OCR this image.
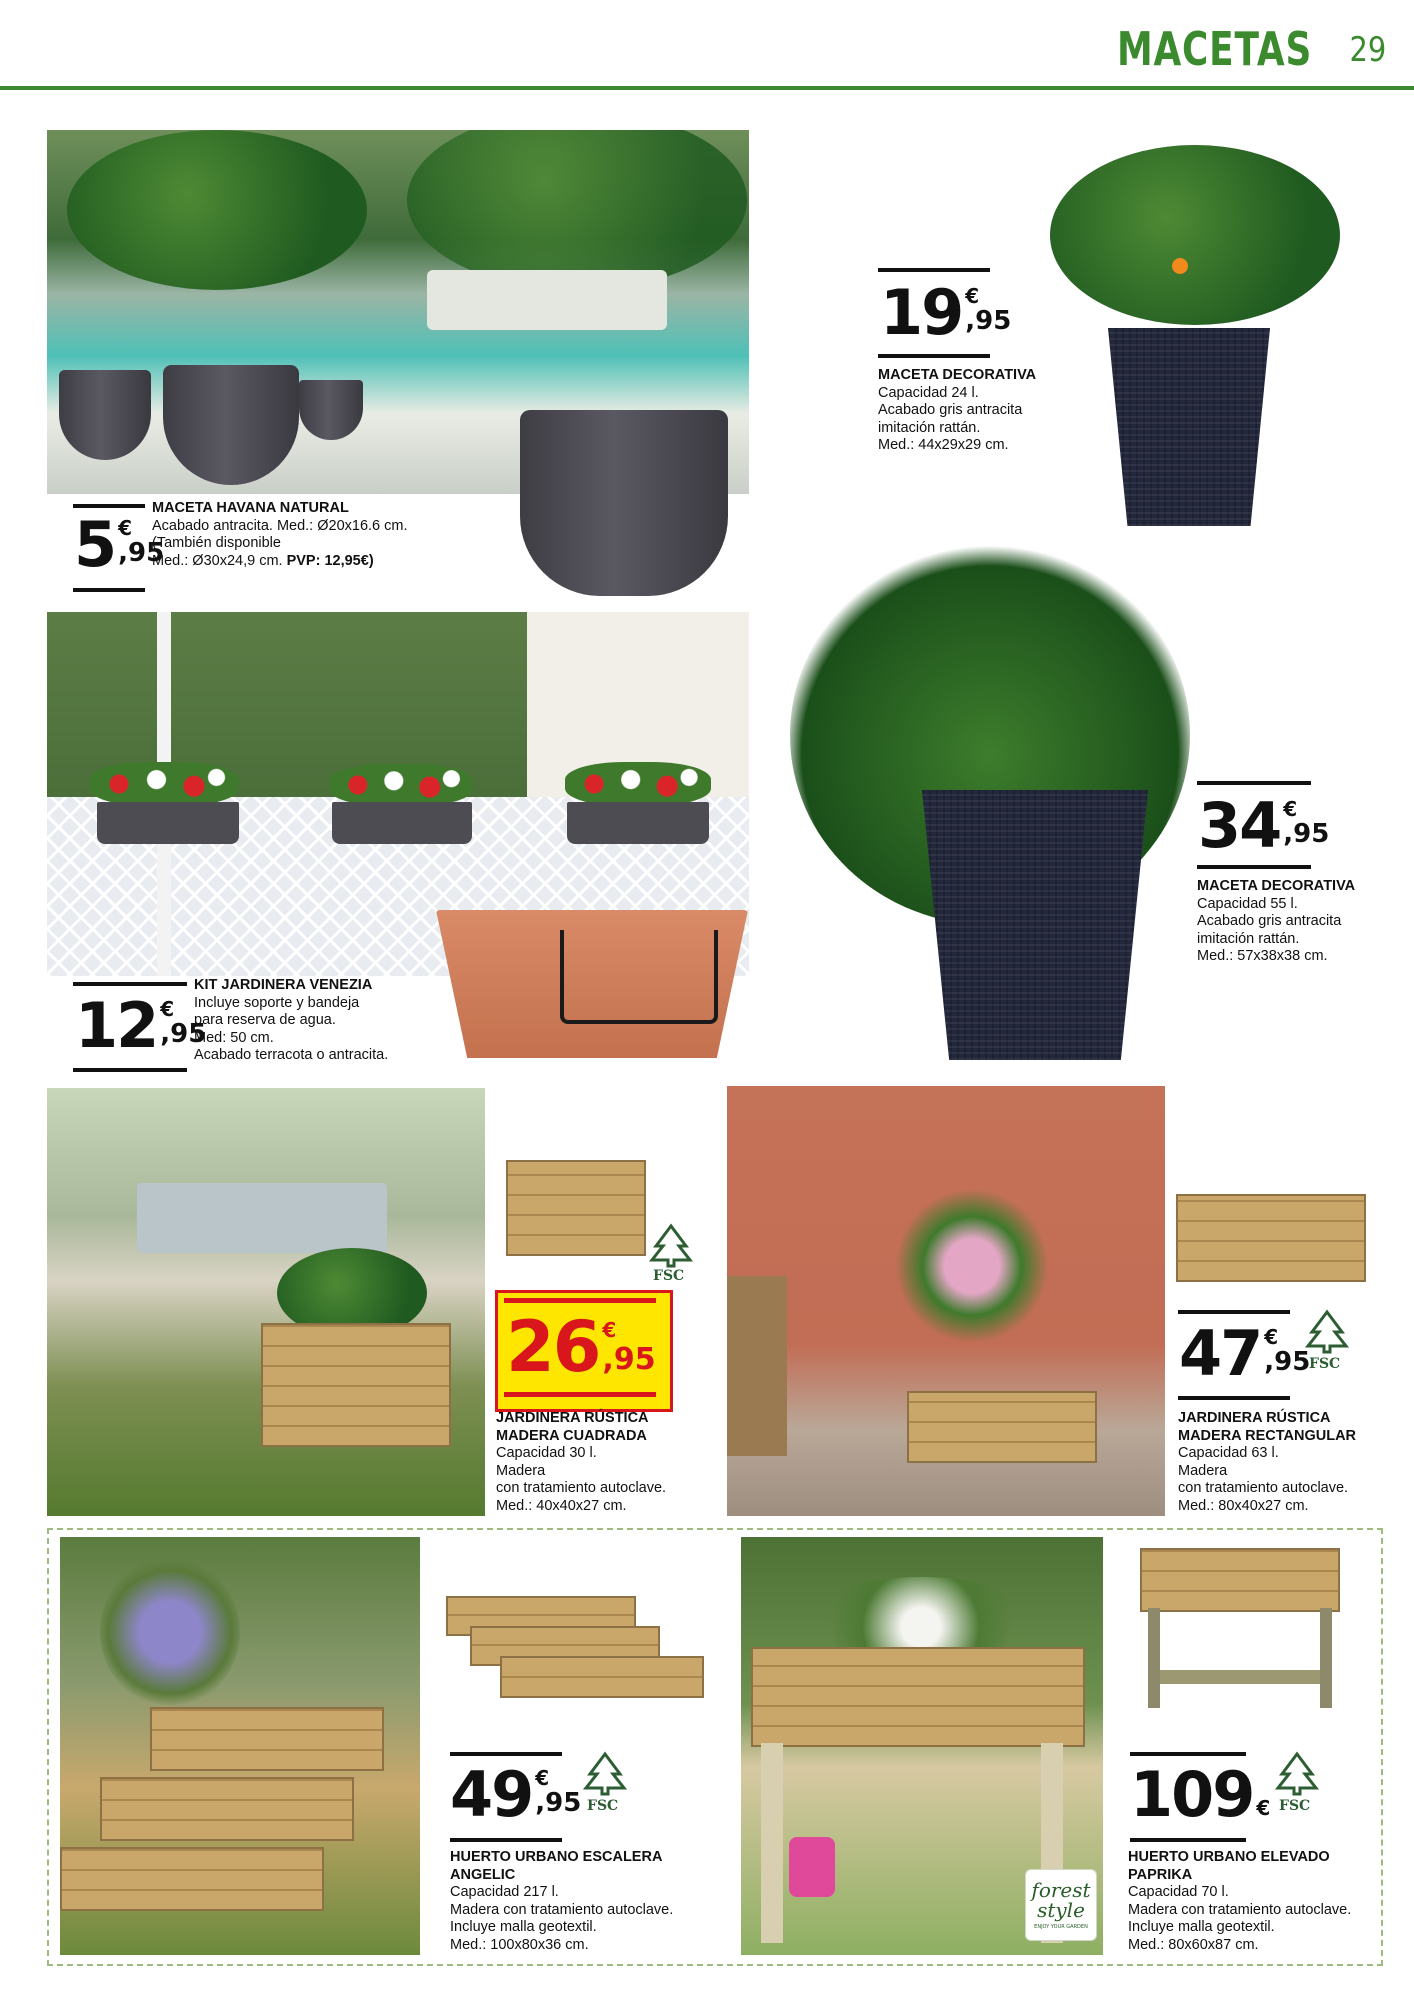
MACETAS 29
5 €
,95

MACETA HAVANA NATURAL

Acabado antracita. Med.: Ø20x16.6 cm.

(También disponible

Med.: Ø30x24,9 cm. PVP: 12,95€)

19 €
,95

MACETA DECORATIVA

Capacidad 24 l.

Acabado gris antracita

imitación rattán.

Med.: 44x29x29 cm.

12 €
,95

KIT JARDINERA VENEZIA

Incluye soporte y bandeja

para reserva de agua.

Med: 50 cm.

Acabado terracota o antracita.

34 €
,95

MACETA DECORATIVA

Capacidad 55 l.

Acabado gris antracita

imitación rattán.

Med.: 57x38x38 cm.

FSC
26 €
,95

JARDINERA RÚSTICA

MADERA CUADRADA

Capacidad 30 l.

Madera

con tratamiento autoclave.

Med.: 40x40x27 cm.

47 €
,95
FSC

JARDINERA RÚSTICA

MADERA RECTANGULAR

Capacidad 63 l.

Madera

con tratamiento autoclave.

Med.: 80x40x27 cm.

49 €
,95 FSC

HUERTO URBANO ESCALERA

ANGELIC

Capacidad 217 l.

Madera con tratamiento autoclave.

Incluye malla geotextil.

Med.: 100x80x36 cm.

forest
style
ENJOY YOUR GARDEN
109 € FSC

HUERTO URBANO ELEVADO

PAPRIKA

Capacidad 70 l.

Madera con tratamiento autoclave.

Incluye malla geotextil.

Med.: 80x60x87 cm.
